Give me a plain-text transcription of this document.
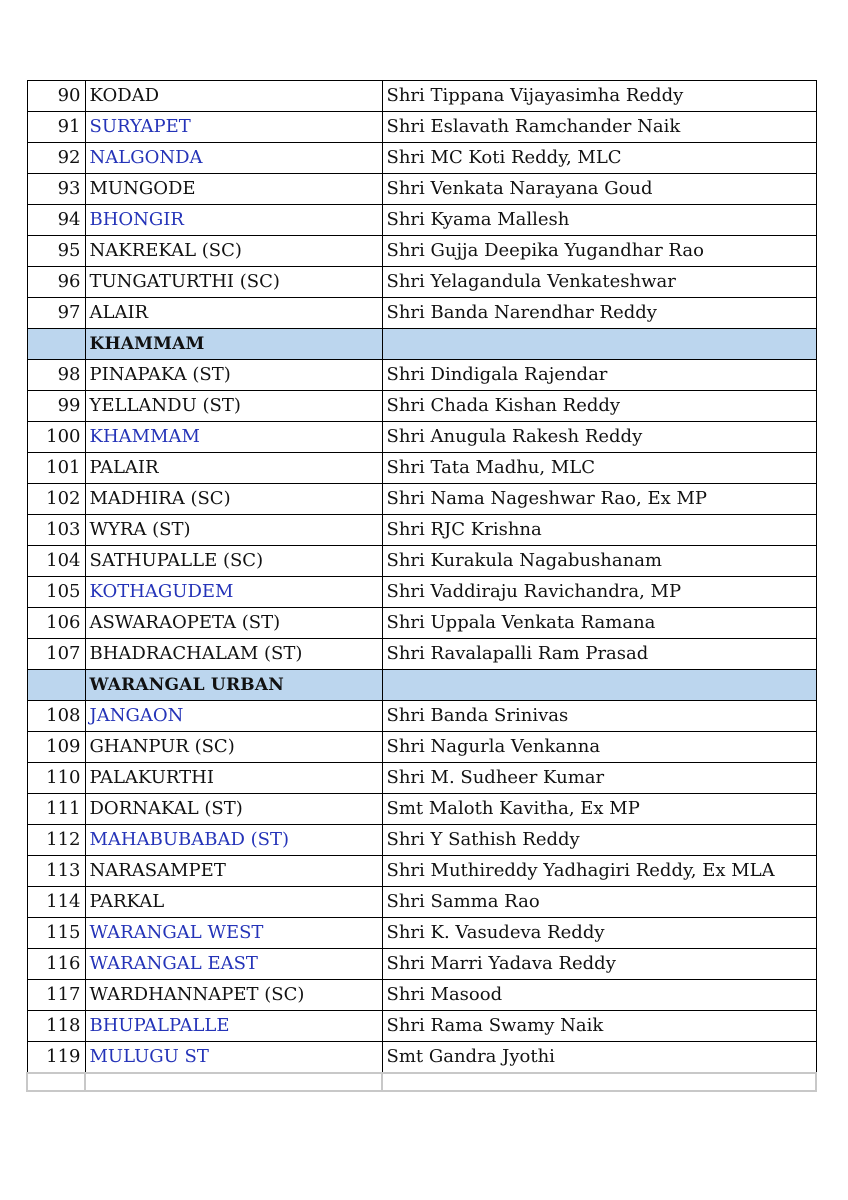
90	KODAD	Shri Tippana Vijayasimha Reddy
91	SURYAPET	Shri Eslavath Ramchander Naik
92	NALGONDA	Shri MC Koti Reddy, MLC
93	MUNGODE	Shri Venkata Narayana Goud
94	BHONGIR	Shri Kyama Mallesh
95	NAKREKAL (SC)	Shri Gujja Deepika Yugandhar Rao
96	TUNGATURTHI (SC)	Shri Yelagandula Venkateshwar
97	ALAIR	Shri Banda Narendhar Reddy
	KHAMMAM	
98	PINAPAKA (ST)	Shri Dindigala Rajendar
99	YELLANDU (ST)	Shri Chada Kishan Reddy
100	KHAMMAM	Shri Anugula Rakesh Reddy
101	PALAIR	Shri Tata Madhu, MLC
102	MADHIRA (SC)	Shri Nama Nageshwar Rao, Ex MP
103	WYRA (ST)	Shri RJC Krishna
104	SATHUPALLE (SC)	Shri Kurakula Nagabushanam
105	KOTHAGUDEM	Shri Vaddiraju Ravichandra, MP
106	ASWARAOPETA (ST)	Shri Uppala Venkata Ramana
107	BHADRACHALAM (ST)	Shri Ravalapalli Ram Prasad
	WARANGAL URBAN	
108	JANGAON	Shri Banda Srinivas
109	GHANPUR (SC)	Shri Nagurla Venkanna
110	PALAKURTHI	Shri M. Sudheer Kumar
111	DORNAKAL (ST)	Smt Maloth Kavitha, Ex MP
112	MAHABUBABAD (ST)	Shri Y Sathish Reddy
113	NARASAMPET	Shri Muthireddy Yadhagiri Reddy, Ex MLA
114	PARKAL	Shri Samma Rao
115	WARANGAL WEST	Shri K. Vasudeva Reddy
116	WARANGAL EAST	Shri Marri Yadava Reddy
117	WARDHANNAPET (SC)	Shri Masood
118	BHUPALPALLE	Shri Rama Swamy Naik
119	MULUGU ST	Smt Gandra Jyothi
